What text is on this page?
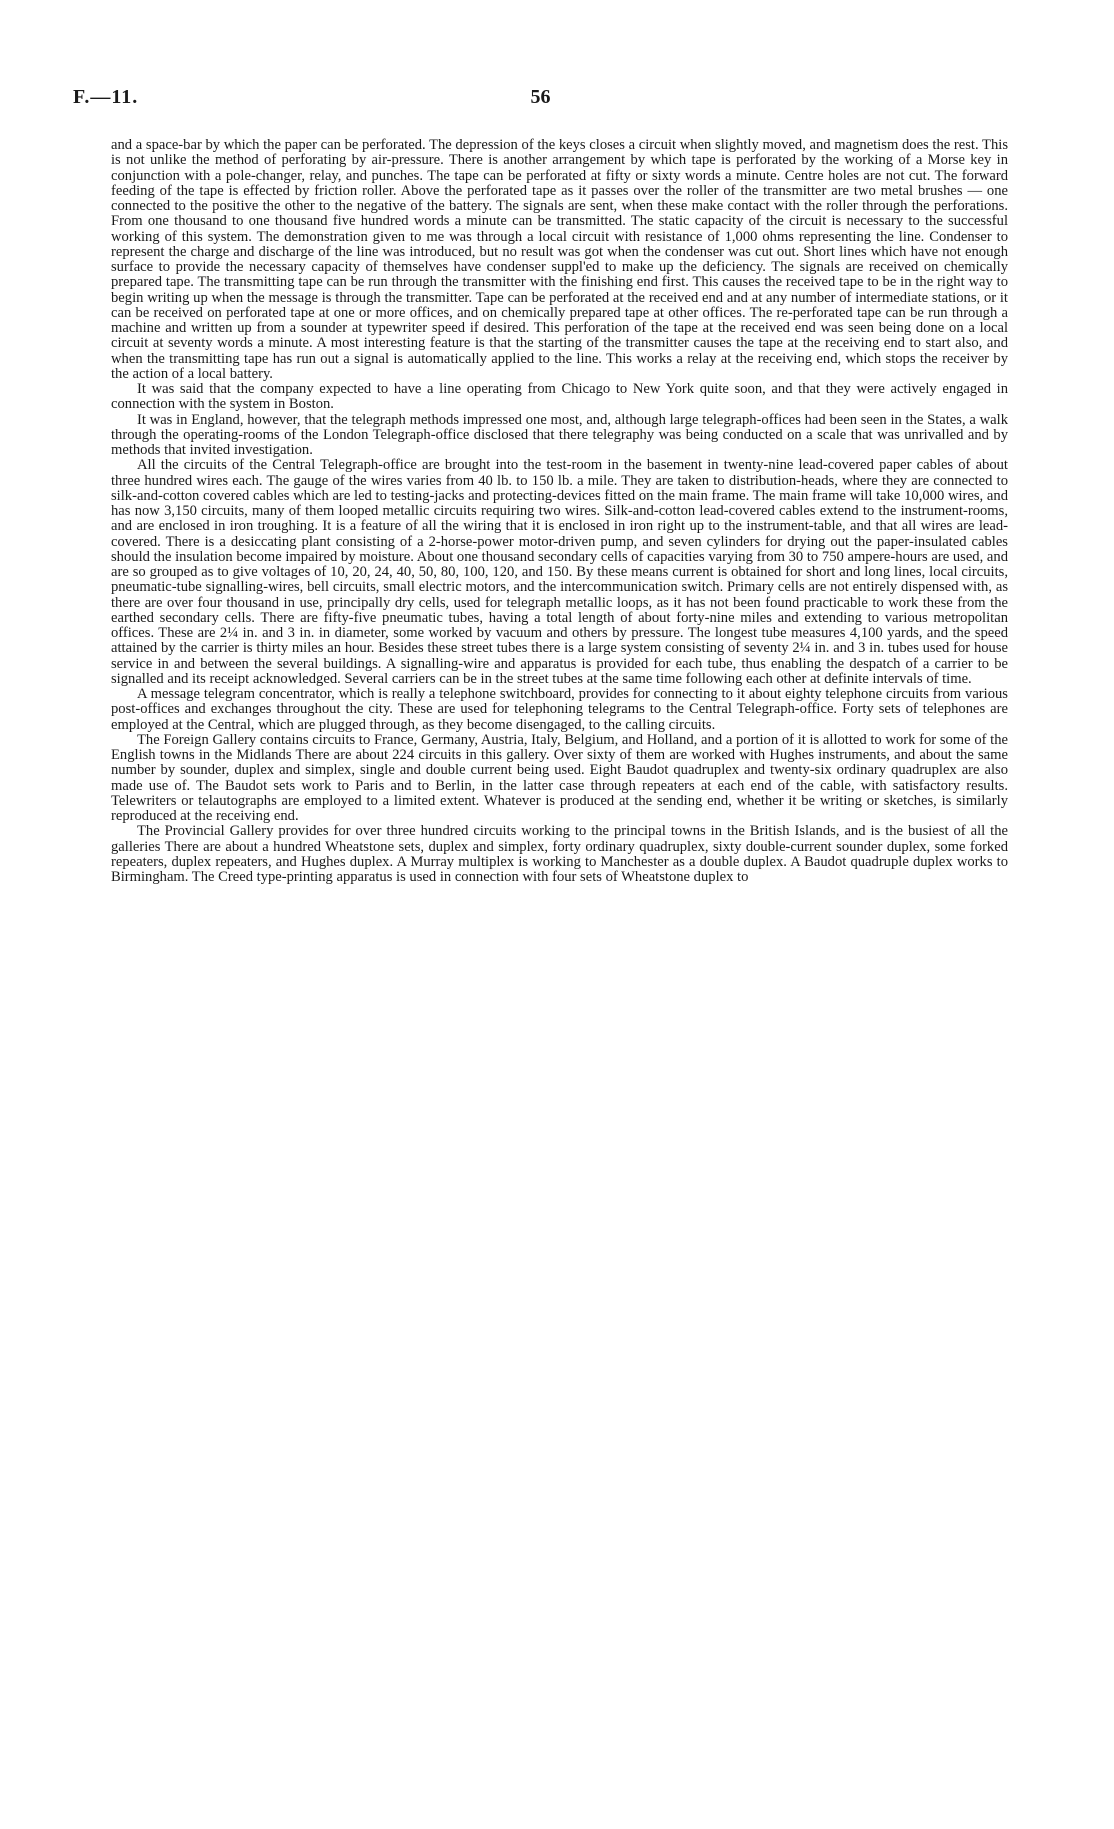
F.—11.	56

and a space-bar by which the paper can be perforated. The depression of the keys closes a circuit when slightly moved, and magnetism does the rest. This is not unlike the method of perforating by air-pressure. There is another arrangement by which tape is perforated by the working of a Morse key in conjunction with a pole-changer, relay, and punches. The tape can be perforated at fifty or sixty words a minute. Centre holes are not cut. The forward feeding of the tape is effected by friction roller. Above the perforated tape as it passes over the roller of the transmitter are two metal brushes — one connected to the positive the other to the negative of the battery. The signals are sent, when these make contact with the roller through the perforations. From one thousand to one thousand five hundred words a minute can be transmitted. The static capacity of the circuit is necessary to the successful working of this system. The demonstration given to me was through a local circuit with resistance of 1,000 ohms representing the line. Condenser to represent the charge and discharge of the line was introduced, but no result was got when the condenser was cut out. Short lines which have not enough surface to provide the necessary capacity of themselves have condenser suppl'ed to make up the deficiency. The signals are received on chemically prepared tape. The transmitting tape can be run through the transmitter with the finishing end first. This causes the received tape to be in the right way to begin writing up when the message is through the transmitter. Tape can be perforated at the received end and at any number of intermediate stations, or it can be received on perforated tape at one or more offices, and on chemically prepared tape at other offices. The re-perforated tape can be run through a machine and written up from a sounder at typewriter speed if desired. This perforation of the tape at the received end was seen being done on a local circuit at seventy words a minute. A most interesting feature is that the starting of the transmitter causes the tape at the receiving end to start also, and when the transmitting tape has run out a signal is automatically applied to the line. This works a relay at the receiving end, which stops the receiver by the action of a local battery.

It was said that the company expected to have a line operating from Chicago to New York quite soon, and that they were actively engaged in connection with the system in Boston.

It was in England, however, that the telegraph methods impressed one most, and, although large telegraph-offices had been seen in the States, a walk through the operating-rooms of the London Telegraph-office disclosed that there telegraphy was being conducted on a scale that was unrivalled and by methods that invited investigation.

All the circuits of the Central Telegraph-office are brought into the test-room in the basement in twenty-nine lead-covered paper cables of about three hundred wires each. The gauge of the wires varies from 40 lb. to 150 lb. a mile. They are taken to distribution-heads, where they are connected to silk-and-cotton covered cables which are led to testing-jacks and protecting-devices fitted on the main frame. The main frame will take 10,000 wires, and has now 3,150 circuits, many of them looped metallic circuits requiring two wires. Silk-and-cotton lead-covered cables extend to the instrument-rooms, and are enclosed in iron troughing. It is a feature of all the wiring that it is enclosed in iron right up to the instrument-table, and that all wires are lead-covered. There is a desiccating plant consisting of a 2-horse-power motor-driven pump, and seven cylinders for drying out the paper-insulated cables should the insulation become impaired by moisture. About one thousand secondary cells of capacities varying from 30 to 750 ampere-hours are used, and are so grouped as to give voltages of 10, 20, 24, 40, 50, 80, 100, 120, and 150. By these means current is obtained for short and long lines, local circuits, pneumatic-tube signalling-wires, bell circuits, small electric motors, and the intercommunication switch. Primary cells are not entirely dispensed with, as there are over four thousand in use, principally dry cells, used for telegraph metallic loops, as it has not been found practicable to work these from the earthed secondary cells. There are fifty-five pneumatic tubes, having a total length of about forty-nine miles and extending to various metropolitan offices. These are 2¼ in. and 3 in. in diameter, some worked by vacuum and others by pressure. The longest tube measures 4,100 yards, and the speed attained by the carrier is thirty miles an hour. Besides these street tubes there is a large system consisting of seventy 2¼ in. and 3 in. tubes used for house service in and between the several buildings. A signalling-wire and apparatus is provided for each tube, thus enabling the despatch of a carrier to be signalled and its receipt acknowledged. Several carriers can be in the street tubes at the same time following each other at definite intervals of time.

A message telegram concentrator, which is really a telephone switchboard, provides for connecting to it about eighty telephone circuits from various post-offices and exchanges throughout the city. These are used for telephoning telegrams to the Central Telegraph-office. Forty sets of telephones are employed at the Central, which are plugged through, as they become disengaged, to the calling circuits.

The Foreign Gallery contains circuits to France, Germany, Austria, Italy, Belgium, and Holland, and a portion of it is allotted to work for some of the English towns in the Midlands There are about 224 circuits in this gallery. Over sixty of them are worked with Hughes instruments, and about the same number by sounder, duplex and simplex, single and double current being used. Eight Baudot quadruplex and twenty-six ordinary quadruplex are also made use of. The Baudot sets work to Paris and to Berlin, in the latter case through repeaters at each end of the cable, with satisfactory results. Telewriters or telautographs are employed to a limited extent. Whatever is produced at the sending end, whether it be writing or sketches, is similarly reproduced at the receiving end.

The Provincial Gallery provides for over three hundred circuits working to the principal towns in the British Islands, and is the busiest of all the galleries There are about a hundred Wheatstone sets, duplex and simplex, forty ordinary quadruplex, sixty double-current sounder duplex, some forked repeaters, duplex repeaters, and Hughes duplex. A Murray multiplex is working to Manchester as a double duplex. A Baudot quadruple duplex works to Birmingham. The Creed type-printing apparatus is used in connection with four sets of Wheatstone duplex to
